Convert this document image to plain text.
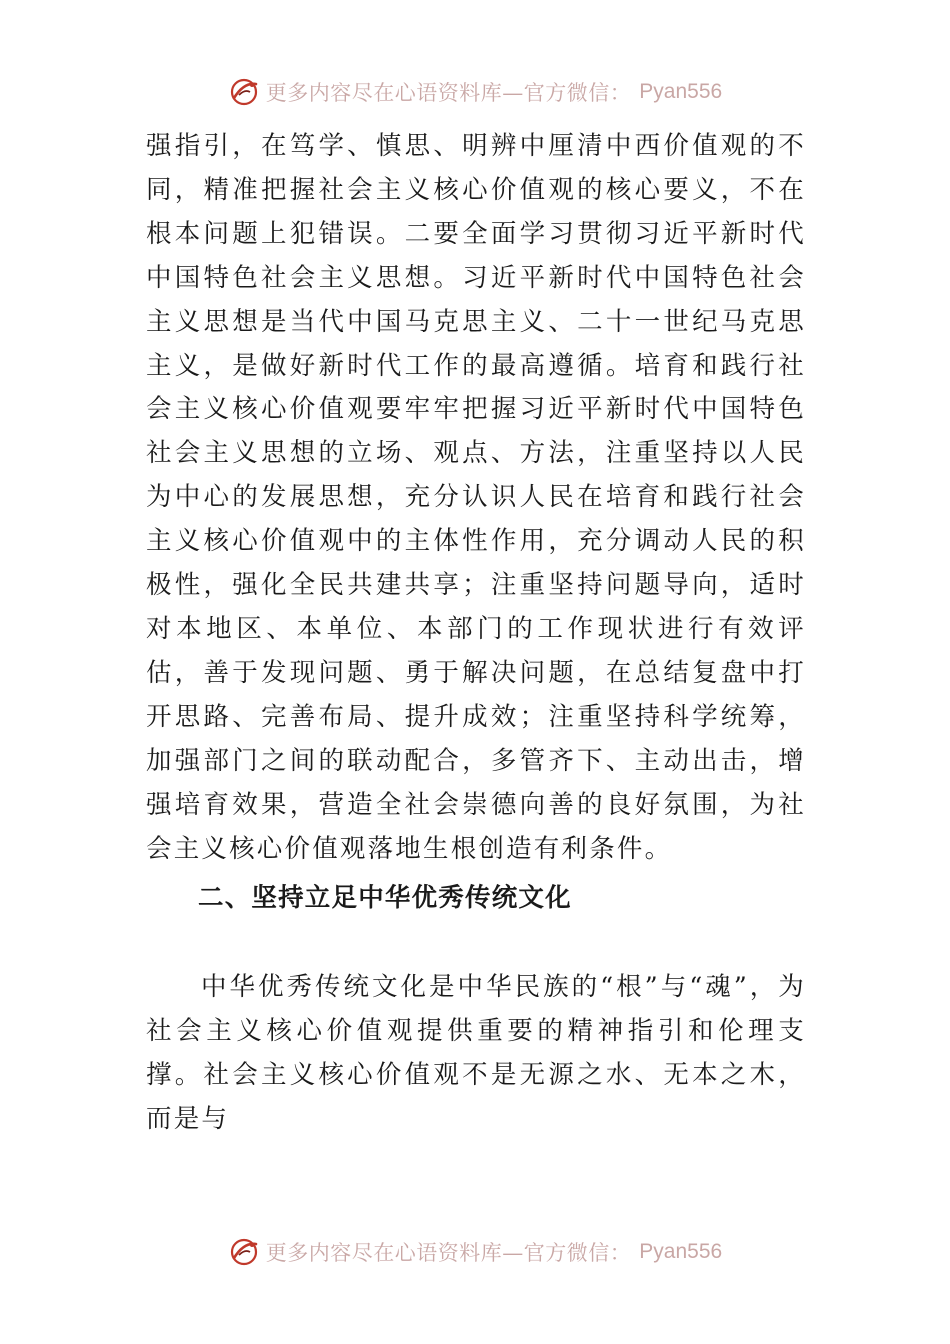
更多内容尽在心语资料库—官方微信： Pyan556

强指引，在笃学、慎思、明辨中厘清中西价值观的不同，精准把握社会主义核心价值观的核心要义，不在根本问题上犯错误。二要全面学习贯彻习近平新时代中国特色社会主义思想。习近平新时代中国特色社会主义思想是当代中国马克思主义、二十一世纪马克思主义，是做好新时代工作的最高遵循。培育和践行社会主义核心价值观要牢牢把握习近平新时代中国特色社会主义思想的立场、观点、方法，注重坚持以人民为中心的发展思想，充分认识人民在培育和践行社会主义核心价值观中的主体性作用，充分调动人民的积极性，强化全民共建共享；注重坚持问题导向，适时对本地区、本单位、本部门的工作现状进行有效评估，善于发现问题、勇于解决问题，在总结复盘中打开思路、完善布局、提升成效；注重坚持科学统筹，加强部门之间的联动配合，多管齐下、主动出击，增强培育效果，营造全社会崇德向善的良好氛围，为社会主义核心价值观落地生根创造有利条件。

二、坚持立足中华优秀传统文化

中华优秀传统文化是中华民族的“根”与“魂”，为社会主义核心价值观提供重要的精神指引和伦理支撑。社会主义核心价值观不是无源之水、无本之木，而是与

更多内容尽在心语资料库—官方微信： Pyan556
